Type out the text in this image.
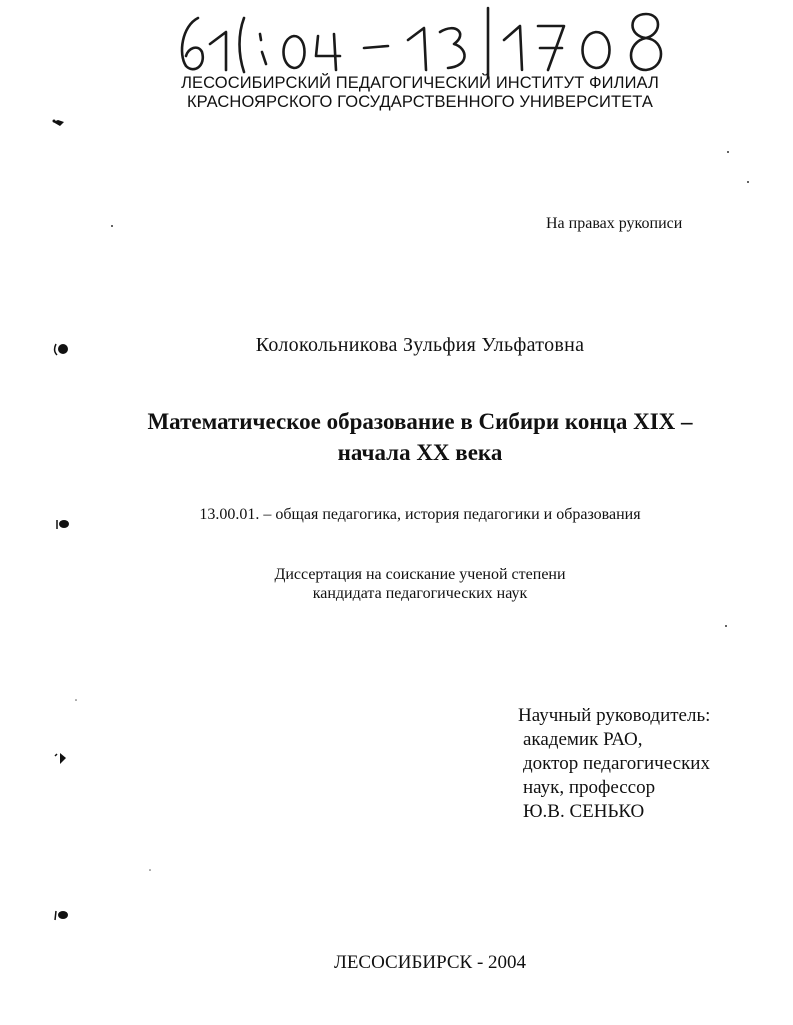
61:04-13/1708
ЛЕСОСИБИРСКИЙ ПЕДАГОГИЧЕСКИЙ ИНСТИТУТ ФИЛИАЛ
КРАСНОЯРСКОГО ГОСУДАРСТВЕННОГО УНИВЕРСИТЕТА
На правах рукописи
Колокольникова Зульфия Ульфатовна
Математическое образование в Сибири конца XIX –
начала XX века
13.00.01. – общая педагогика, история педагогики и образования
Диссертация на соискание ученой степени
кандидата педагогических наук
Научный руководитель:
академик РАО,
доктор педагогических
наук, профессор
Ю.В. СЕНЬКО
ЛЕСОСИБИРСК - 2004
